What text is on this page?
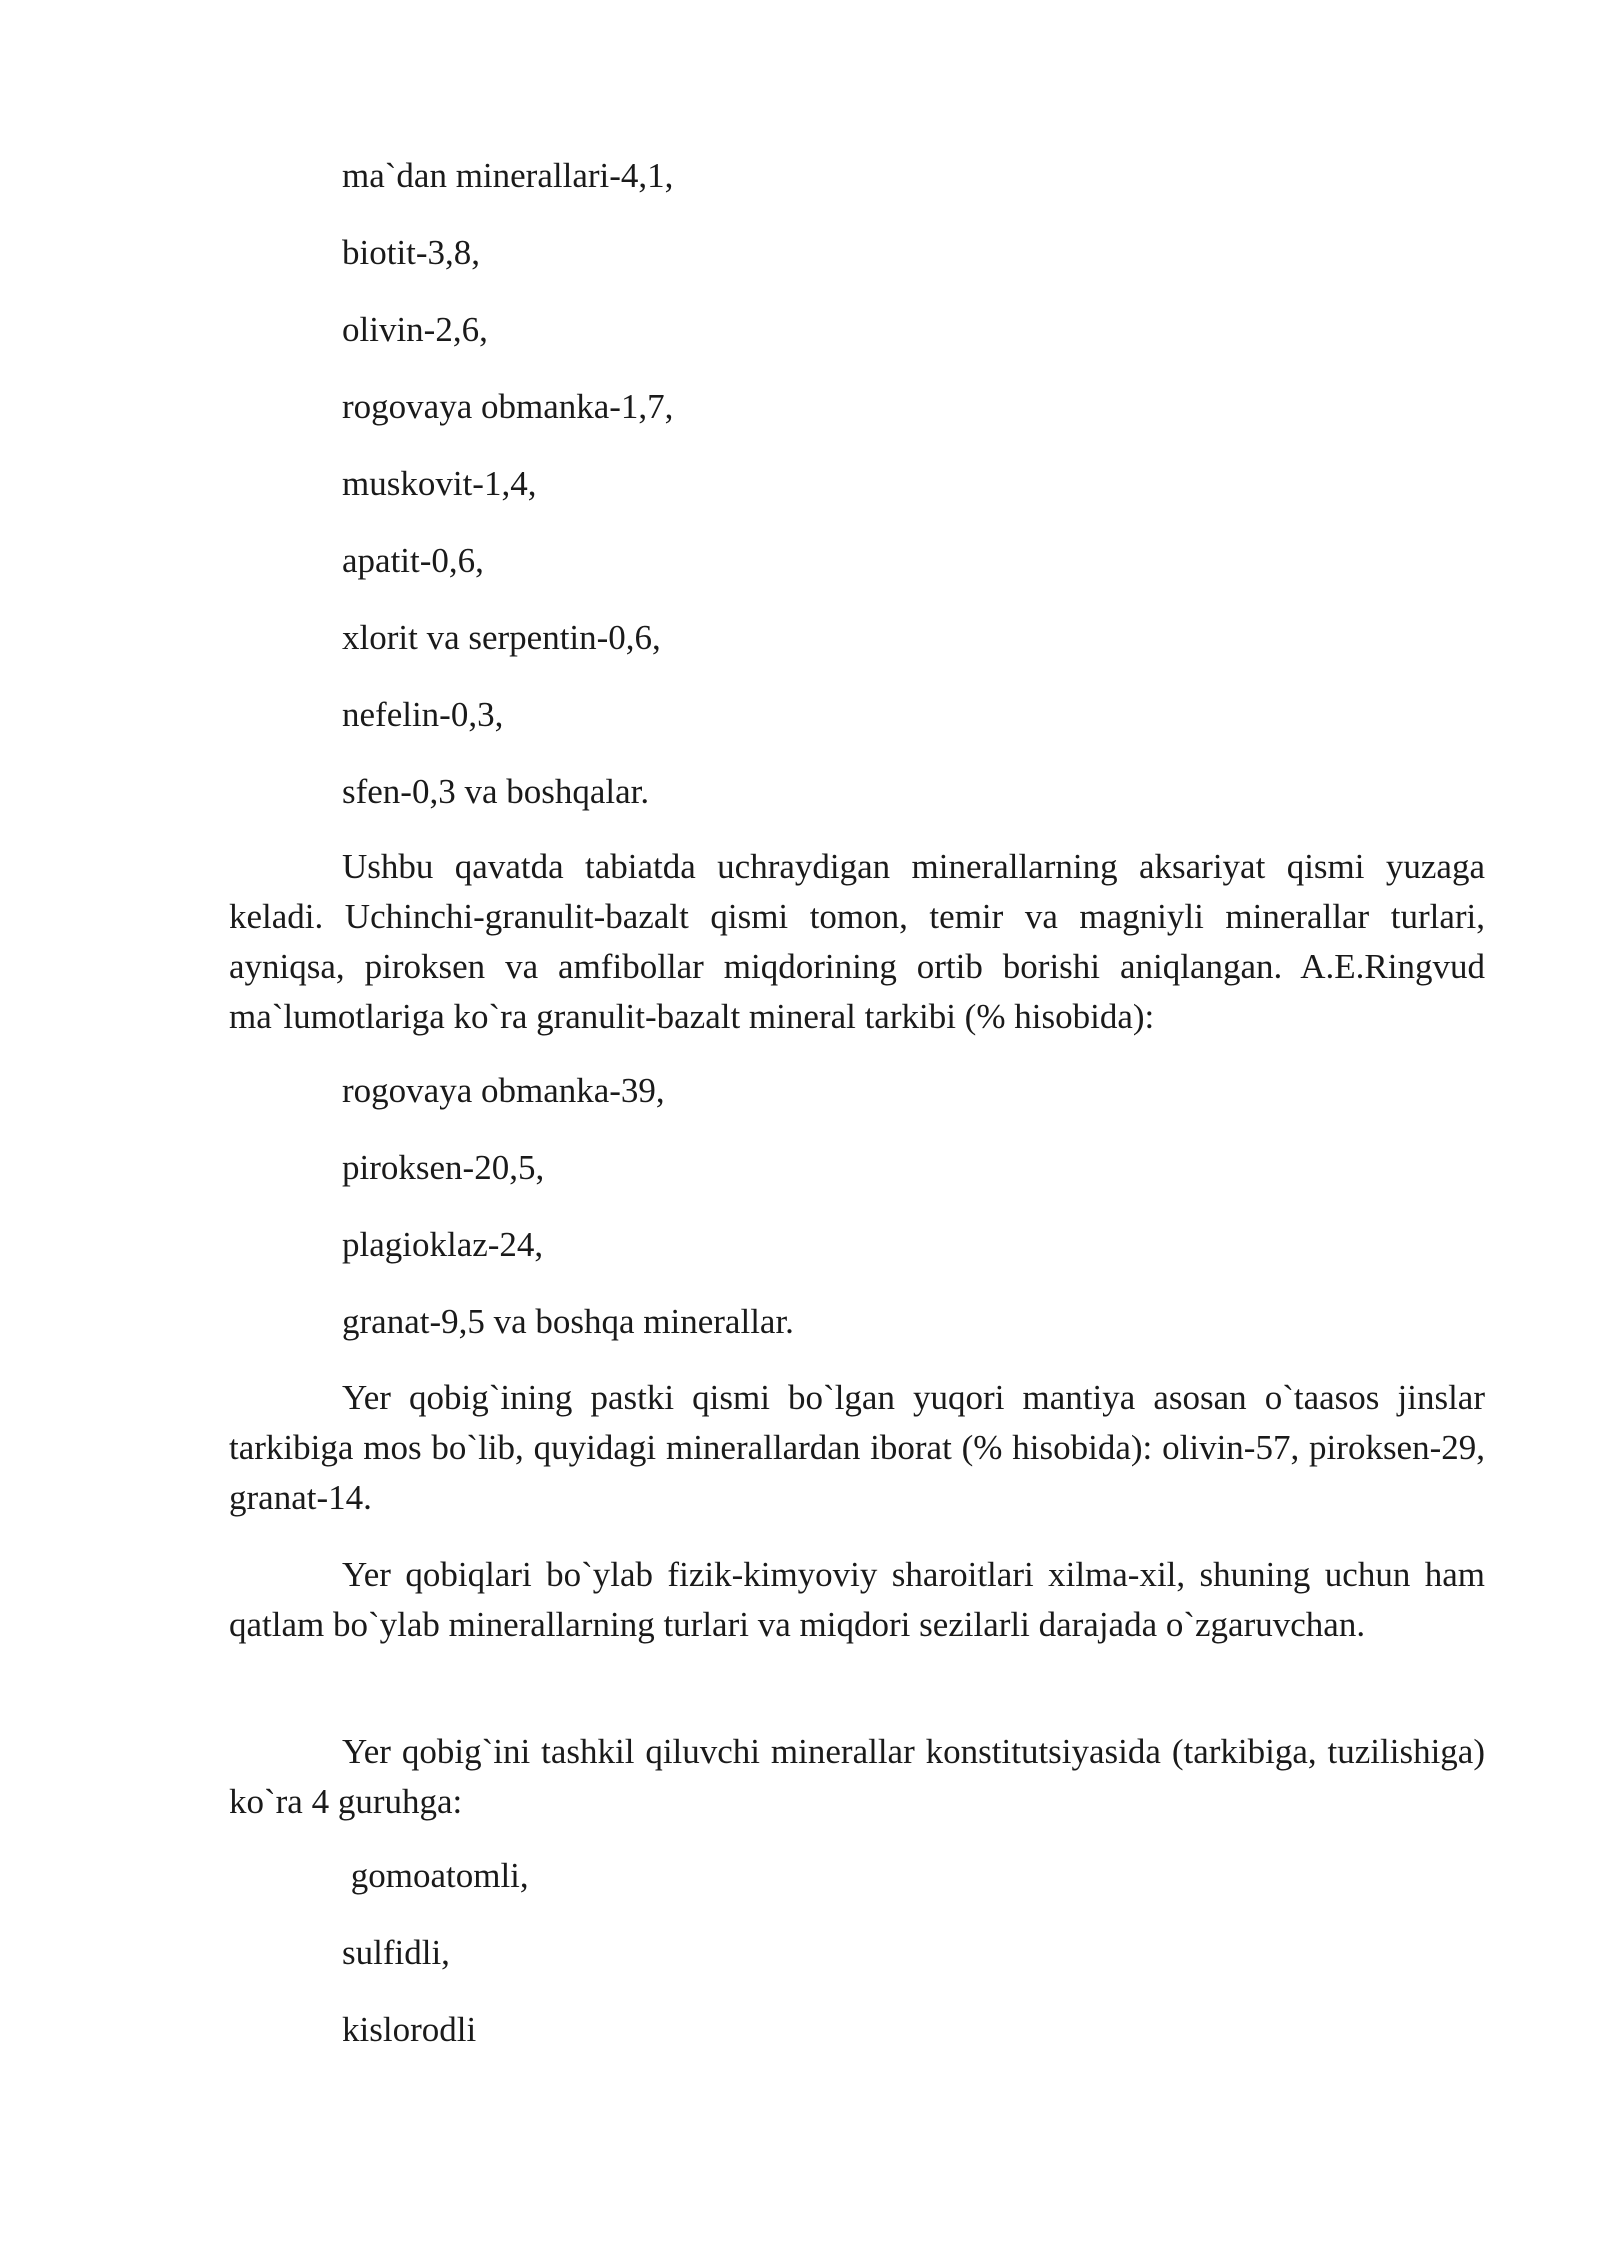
ma`dan minerallari-4,1,
biotit-3,8,
olivin-2,6,
rogovaya obmanka-1,7,
muskovit-1,4,
apatit-0,6,
xlorit va serpentin-0,6,
nefelin-0,3,
sfen-0,3 va boshqalar.
Ushbu qavatda tabiatda uchraydigan minerallarning aksariyat qismi yuzaga keladi. Uchinchi-granulit-bazalt qismi tomon, temir va magniyli minerallar turlari, ayniqsa, piroksen va amfibollar miqdorining ortib borishi aniqlangan. A.E.Ringvud ma`lumotlariga ko`ra granulit-bazalt mineral tarkibi (% hisobida):
rogovaya obmanka-39,
piroksen-20,5,
plagioklaz-24,
granat-9,5 va boshqa minerallar.
Yer qobig`ining pastki qismi bo`lgan yuqori mantiya asosan o`taasos jinslar tarkibiga mos bo`lib, quyidagi minerallardan iborat (% hisobida): olivin-57, piroksen-29, granat-14.
Yer qobiqlari bo`ylab fizik-kimyoviy sharoitlari xilma-xil, shuning uchun ham qatlam bo`ylab minerallarning turlari va miqdori sezilarli darajada o`zgaruvchan.
Yer qobig`ini tashkil qiluvchi minerallar konstitutsiyasida (tarkibiga, tuzilishiga) ko`ra 4 guruhga:
gomoatomli,
sulfidli,
kislorodli
